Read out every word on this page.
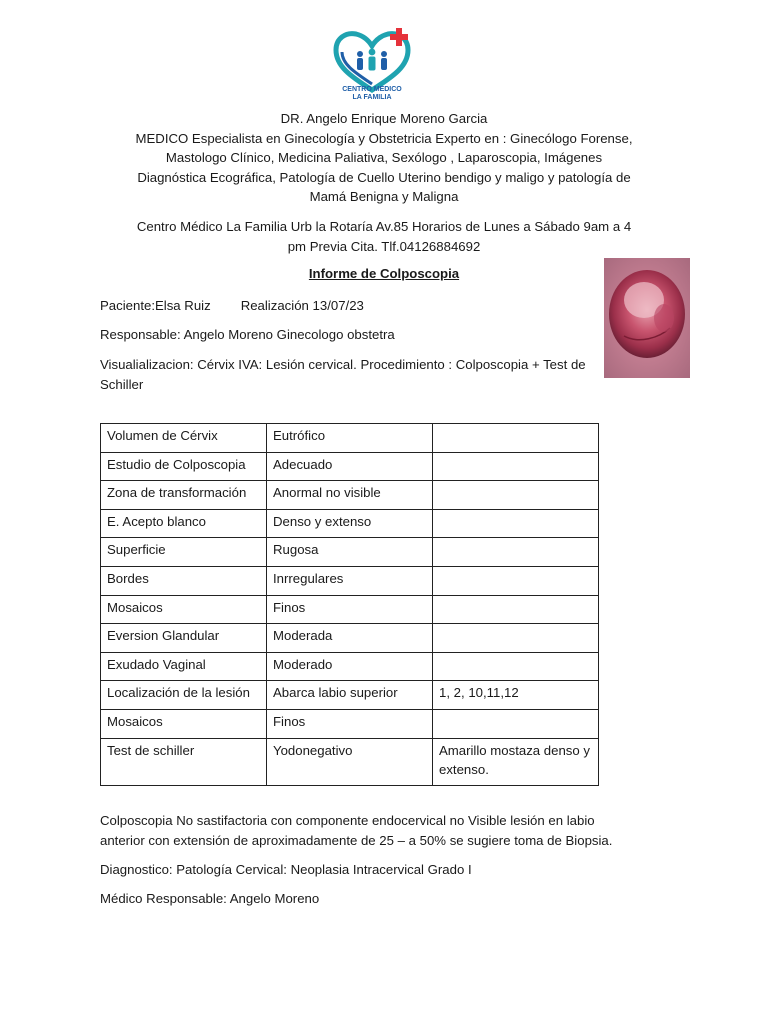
CENTRO MEDICO
LA FAMILIA
DR. Angelo Enrique Moreno Garcia
MEDICO Especialista en Ginecología y Obstetricia Experto en : Ginecólogo Forense,
Mastologo Clínico, Medicina Paliativa, Sexólogo , Laparoscopia, Imágenes
Diagnóstica Ecográfica, Patología de Cuello Uterino bendigo y maligo y patología de
Mamá Benigna y Maligna
Centro Médico La Familia Urb la Rotaría Av.85 Horarios de Lunes a Sábado 9am a 4
pm Previa Cita. Tlf.04126884692
Informe de Colposcopia
Paciente:Elsa Ruiz Realización 13/07/23
Responsable: Angelo Moreno Ginecologo obstetra
Visualializacion: Cérvix IVA: Lesión cervical. Procedimiento : Colposcopia + Test de
Schiller
Volumen de Cérvix	Eutrófico	
Estudio de Colposcopia	Adecuado	
Zona de transformación	Anormal no visible	
E. Acepto blanco	Denso y extenso	
Superficie	Rugosa	
Bordes	Inrregulares	
Mosaicos	Finos	
Eversion Glandular	Moderada	
Exudado Vaginal	Moderado	
Localización de la lesión	Abarca labio superior	1, 2, 10,11,12
Mosaicos	Finos	
Test de schiller	Yodonegativo	Amarillo mostaza denso y extenso.
Colposcopia No sastifactoria con componente endocervical no Visible lesión en labio
anterior con extensión de aproximadamente de 25 – a 50% se sugiere toma de Biopsia.
Diagnostico: Patología Cervical: Neoplasia Intracervical Grado I
Médico Responsable: Angelo Moreno
